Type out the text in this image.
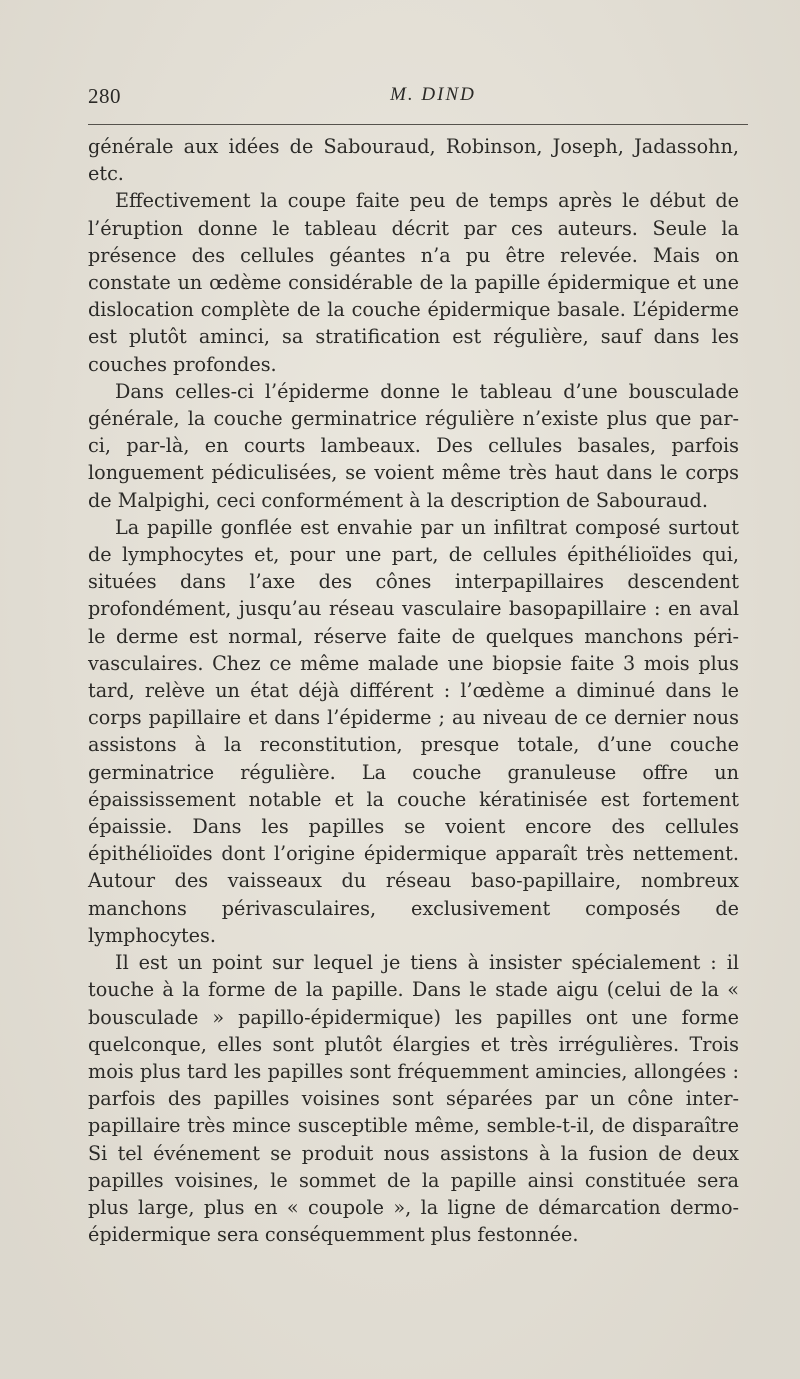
280	M. DIND

générale aux idées de Sabouraud, Robinson, Joseph, Jadassohn, etc.

Effectivement la coupe faite peu de temps après le début de l’éruption donne le tableau décrit par ces auteurs. Seule la présence des cellules géantes n’a pu être relevée. Mais on constate un œdème considérable de la papille épidermique et une dislocation complète de la couche épidermique basale. L’épiderme est plutôt aminci, sa stratification est régulière, sauf dans les couches profondes.

Dans celles-ci l’épiderme donne le tableau d’une bousculade générale, la couche germinatrice régulière n’existe plus que par-ci, par-là, en courts lambeaux. Des cellules basales, parfois longuement pédiculisées, se voient même très haut dans le corps de Malpighi, ceci conformément à la description de Sabouraud.

La papille gonflée est envahie par un infiltrat composé surtout de lymphocytes et, pour une part, de cellules épithélioïdes qui, situées dans l’axe des cônes interpapillaires descendent profondément, jusqu’au réseau vasculaire basopapillaire : en aval le derme est normal, réserve faite de quelques manchons péri-vasculaires. Chez ce même malade une biopsie faite 3 mois plus tard, relève un état déjà différent : l’œdème a diminué dans le corps papillaire et dans l’épiderme ; au niveau de ce dernier nous assistons à la reconstitution, presque totale, d’une couche germinatrice régulière. La couche granuleuse offre un épaississement notable et la couche kératinisée est fortement épaissie. Dans les papilles se voient encore des cellules épithélioïdes dont l’origine épidermique apparaît très nettement. Autour des vaisseaux du réseau baso-papillaire, nombreux manchons périvasculaires, exclusivement composés de lymphocytes.

Il est un point sur lequel je tiens à insister spécialement : il touche à la forme de la papille. Dans le stade aigu (celui de la « bousculade » papillo-épidermique) les papilles ont une forme quelconque, elles sont plutôt élargies et très irrégulières. Trois mois plus tard les papilles sont fréquemment amincies, allongées : parfois des papilles voisines sont séparées par un cône inter-papillaire très mince susceptible même, semble-t-il, de disparaître Si tel événement se produit nous assistons à la fusion de deux papilles voisines, le sommet de la papille ainsi constituée sera plus large, plus en « coupole », la ligne de démarcation dermo-épidermique sera conséquemment plus festonnée.
